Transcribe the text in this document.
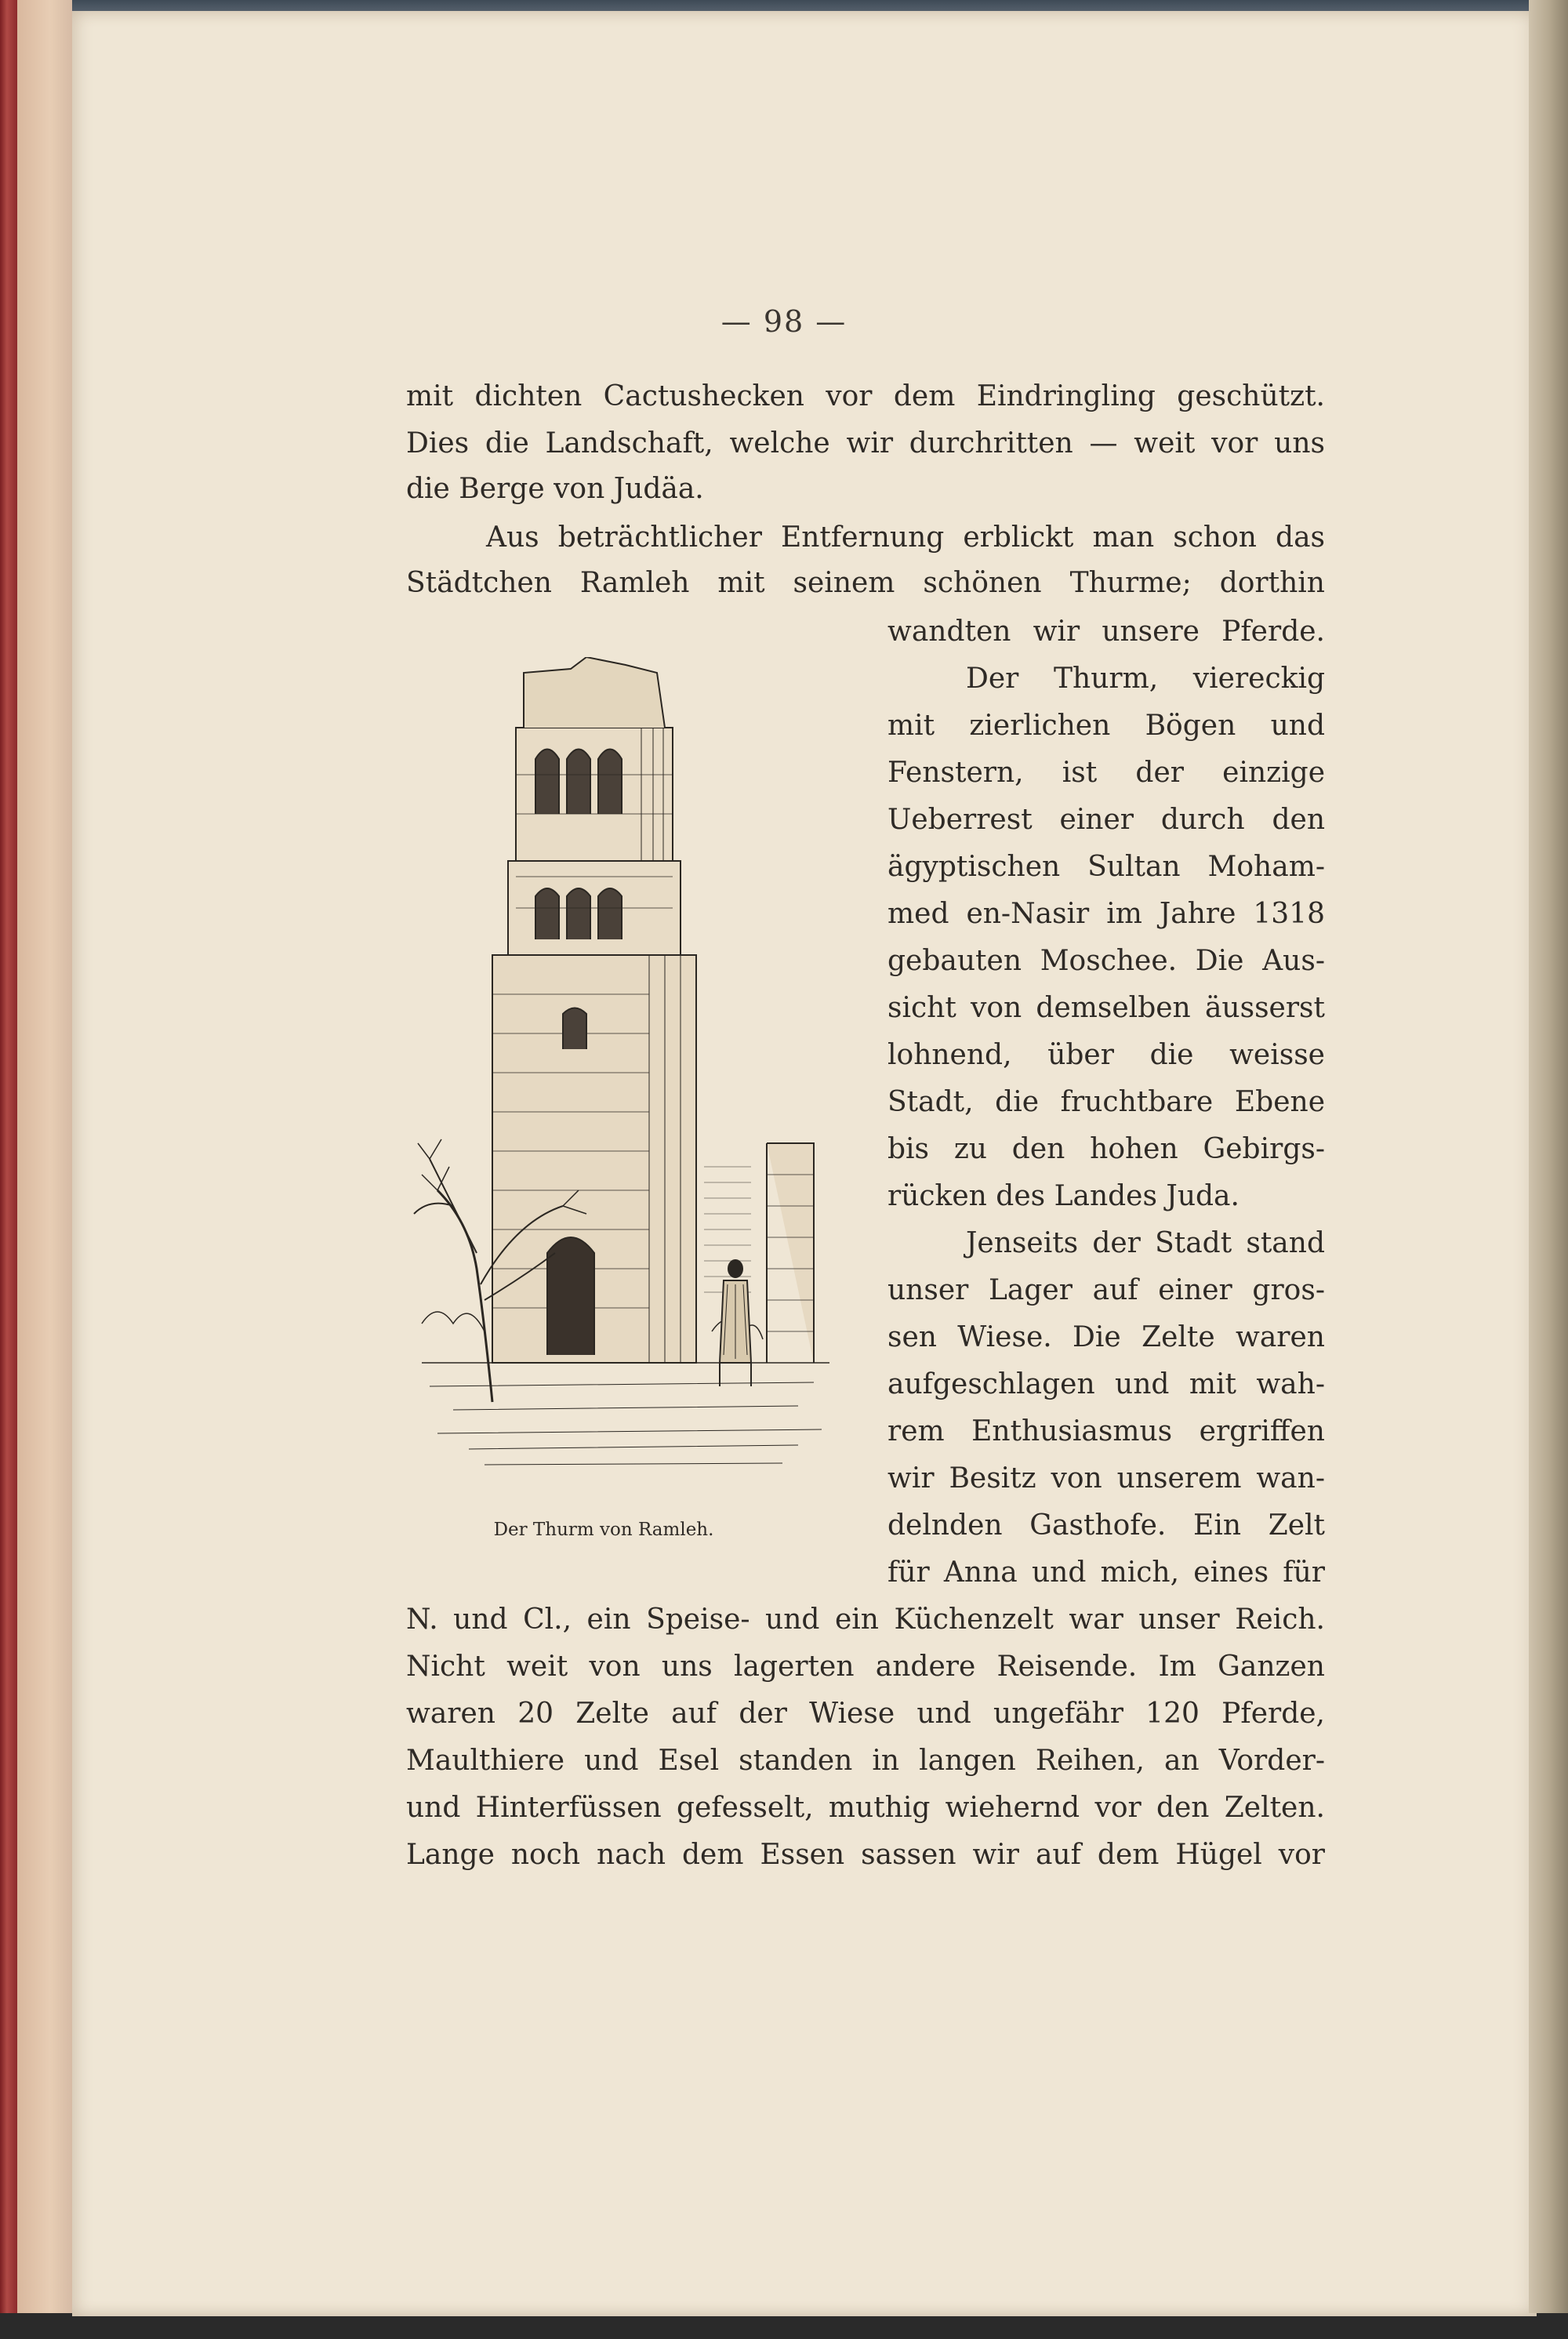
— 98 —
mit dichten Cactushecken vor dem Eindringling geschützt.
Dies die Landschaft, welche wir durchritten — weit vor uns
die Berge von Judäa.
Aus beträchtlicher Entfernung erblickt man schon das
Städtchen Ramleh mit seinem schönen Thurme; dorthin
wandten wir unsere Pferde.
Der Thurm, viereckig
mit zierlichen Bögen und
Fenstern, ist der einzige
Ueberrest einer durch den
ägyptischen Sultan Moham-
med en-Nasir im Jahre 1318
gebauten Moschee. Die Aus-
sicht von demselben äusserst
lohnend, über die weisse
Stadt, die fruchtbare Ebene
bis zu den hohen Gebirgs-
rücken des Landes Juda.
Jenseits der Stadt stand
unser Lager auf einer gros-
sen Wiese. Die Zelte waren
aufgeschlagen und mit wah-
rem Enthusiasmus ergriffen
wir Besitz von unserem wan-
delnden Gasthofe. Ein Zelt
für Anna und mich, eines für
N. und Cl., ein Speise- und ein Küchenzelt war unser Reich.
Nicht weit von uns lagerten andere Reisende. Im Ganzen
waren 20 Zelte auf der Wiese und ungefähr 120 Pferde,
Maulthiere und Esel standen in langen Reihen, an Vorder-
und Hinterfüssen gefesselt, muthig wiehernd vor den Zelten.
Lange noch nach dem Essen sassen wir auf dem Hügel vor
Der Thurm von Ramleh.
